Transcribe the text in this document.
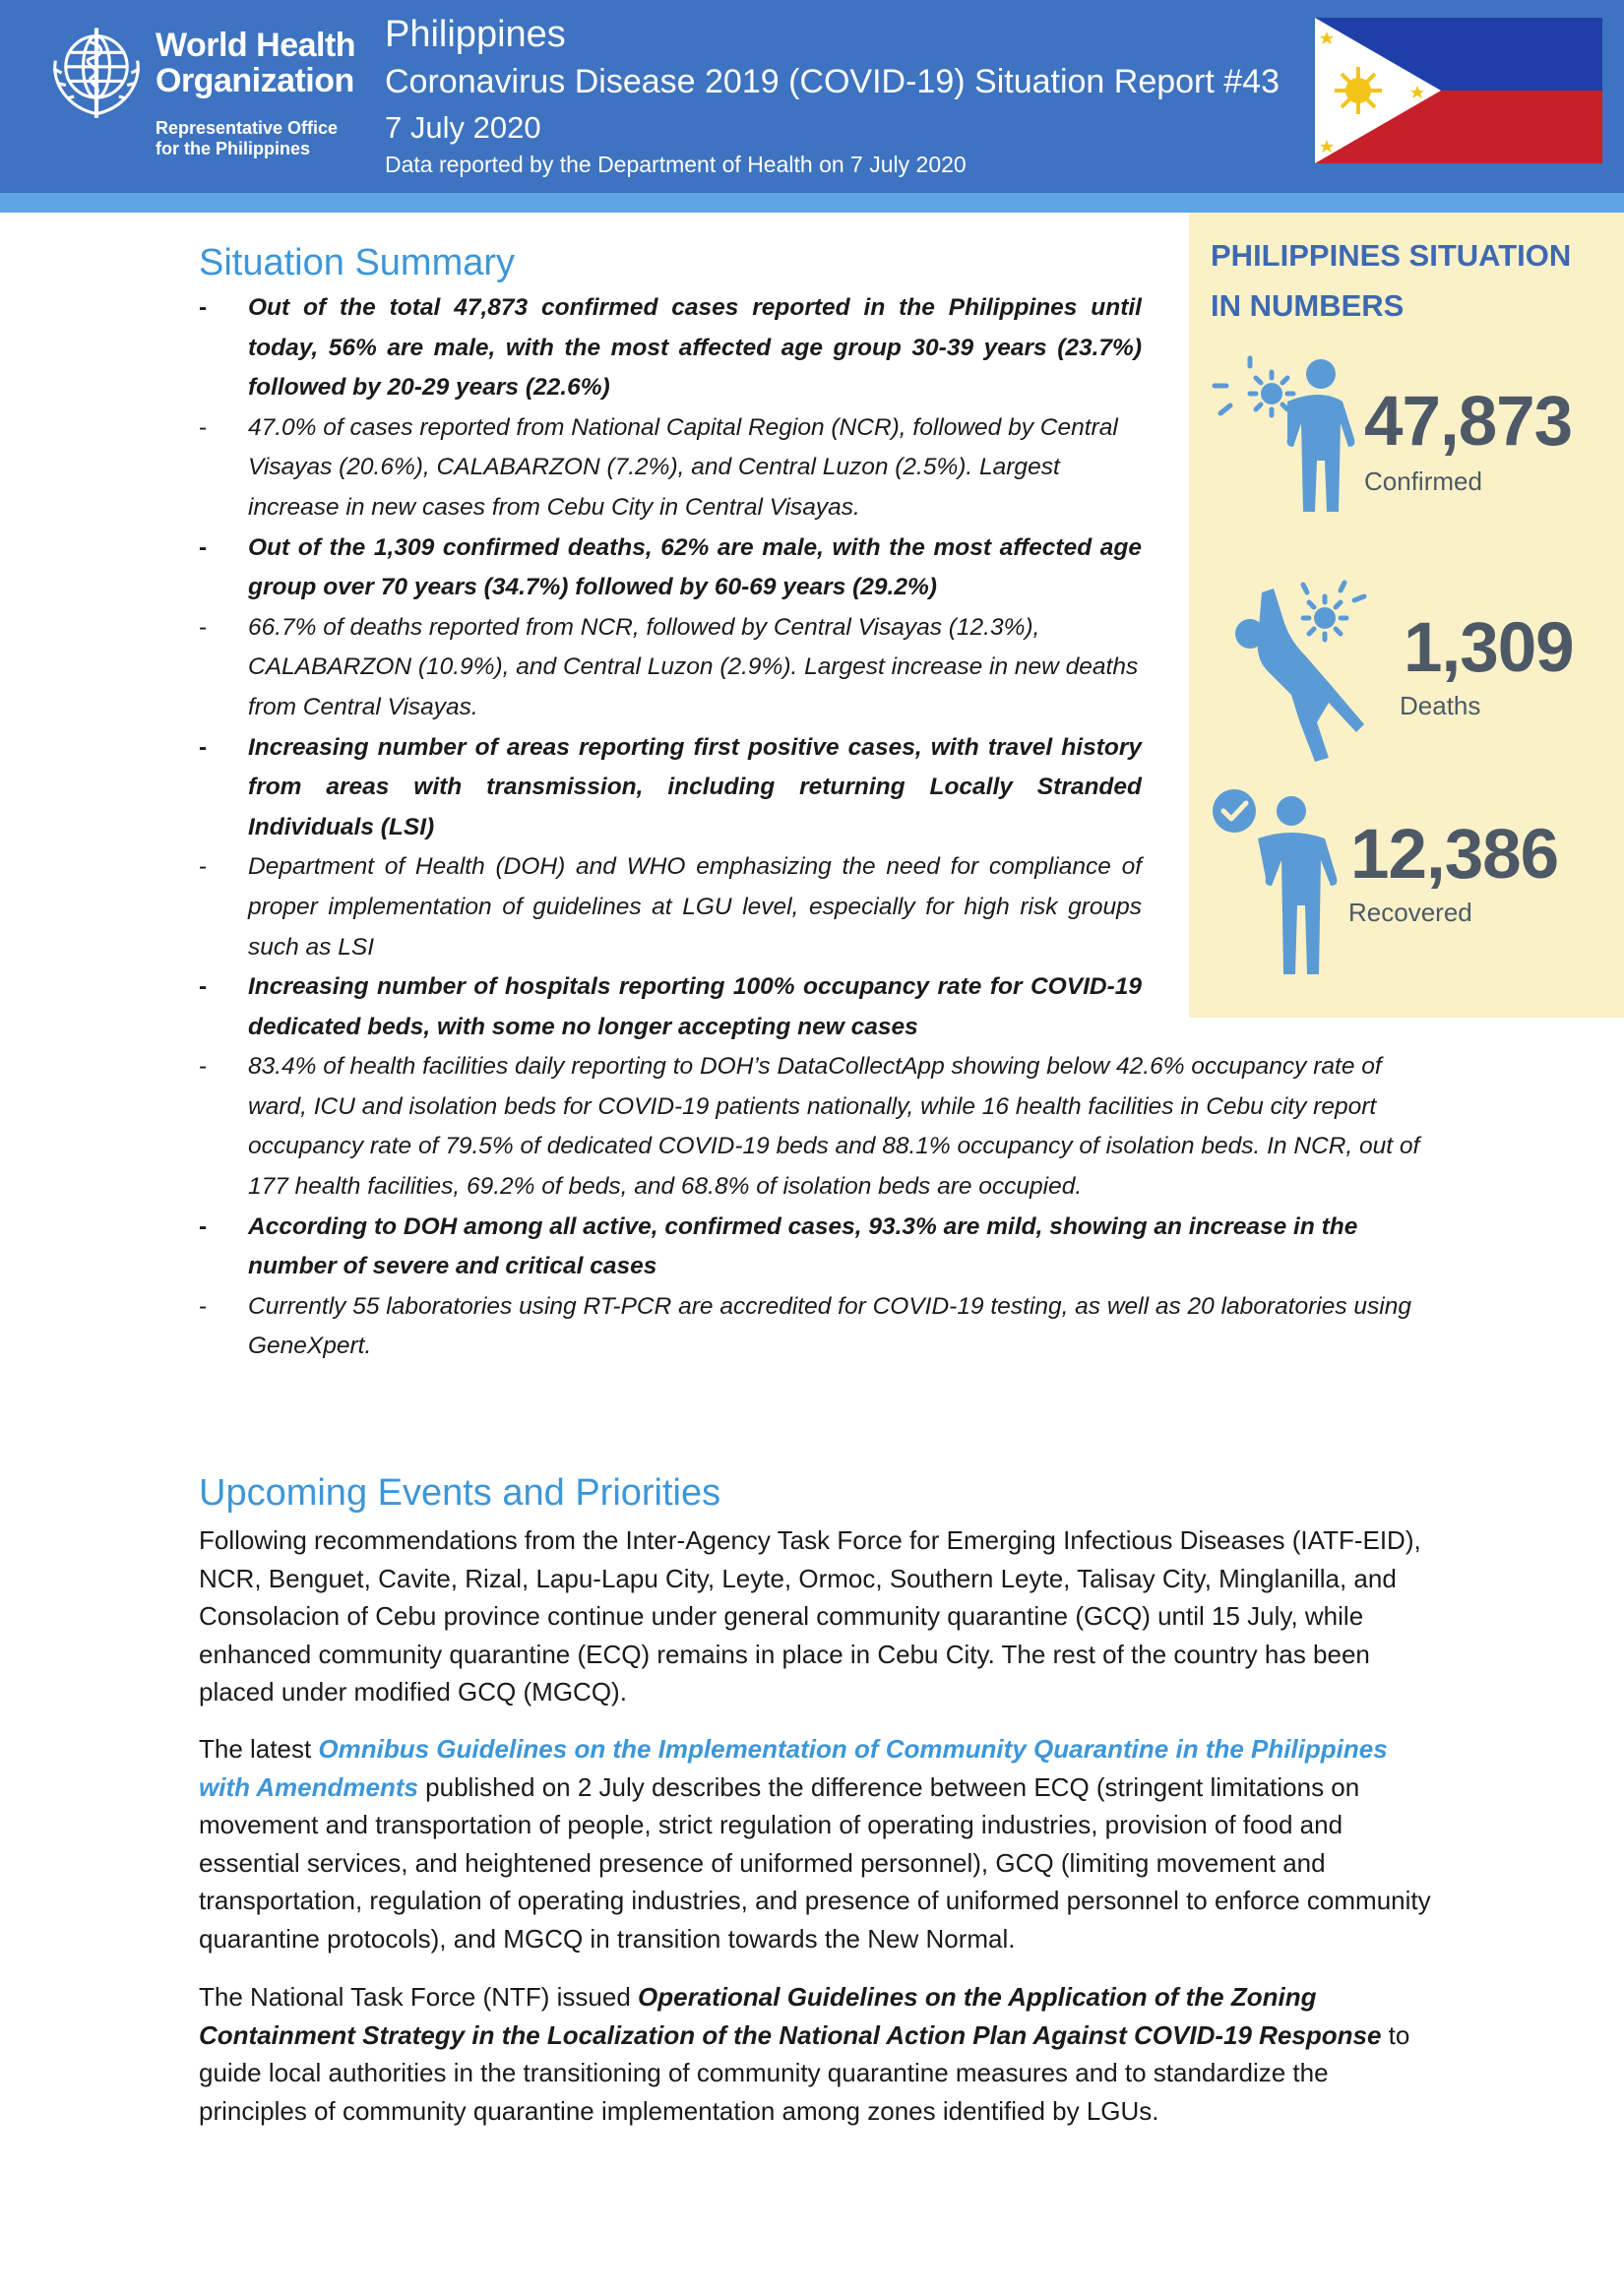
World Health
Organization
Representative Office
for the Philippines
Philippines
Coronavirus Disease 2019 (COVID-19) Situation Report #43
7 July 2020
Data reported by the Department of Health on 7 July 2020
Situation Summary
- Out of the total 47,873 confirmed cases reported in the Philippines until today, 56% are male, with the most affected age group 30-39 years (23.7%) followed by 20-29 years (22.6%)
- 47.0% of cases reported from National Capital Region (NCR), followed by Central Visayas (20.6%), CALABARZON (7.2%), and Central Luzon (2.5%). Largest increase in new cases from Cebu City in Central Visayas.
- Out of the 1,309 confirmed deaths, 62% are male, with the most affected age group over 70 years (34.7%) followed by 60-69 years (29.2%)
- 66.7% of deaths reported from NCR, followed by Central Visayas (12.3%), CALABARZON (10.9%), and Central Luzon (2.9%). Largest increase in new deaths from Central Visayas.
- Increasing number of areas reporting first positive cases, with travel history from areas with transmission, including returning Locally Stranded Individuals (LSI)
- Department of Health (DOH) and WHO emphasizing the need for compliance of proper implementation of guidelines at LGU level, especially for high risk groups such as LSI
- Increasing number of hospitals reporting 100% occupancy rate for COVID-19 dedicated beds, with some no longer accepting new cases
- 83.4% of health facilities daily reporting to DOH’s DataCollectApp showing below 42.6% occupancy rate of ward, ICU and isolation beds for COVID-19 patients nationally, while 16 health facilities in Cebu city report occupancy rate of 79.5% of dedicated COVID-19 beds and 88.1% occupancy of isolation beds. In NCR, out of 177 health facilities, 69.2% of beds, and 68.8% of isolation beds are occupied.
- According to DOH among all active, confirmed cases, 93.3% are mild, showing an increase in the number of severe and critical cases
- Currently 55 laboratories using RT-PCR are accredited for COVID-19 testing, as well as 20 laboratories using GeneXpert.
PHILIPPINES SITUATION
IN NUMBERS
47,873
Confirmed
1,309
Deaths
12,386
Recovered
Upcoming Events and Priorities

Following recommendations from the Inter-Agency Task Force for Emerging Infectious Diseases (IATF-EID), NCR, Benguet, Cavite, Rizal, Lapu-Lapu City, Leyte, Ormoc, Southern Leyte, Talisay City, Minglanilla, and Consolacion of Cebu province continue under general community quarantine (GCQ) until 15 July, while enhanced community quarantine (ECQ) remains in place in Cebu City. The rest of the country has been placed under modified GCQ (MGCQ).

The latest Omnibus Guidelines on the Implementation of Community Quarantine in the Philippines with Amendments published on 2 July describes the difference between ECQ (stringent limitations on movement and transportation of people, strict regulation of operating industries, provision of food and essential services, and heightened presence of uniformed personnel), GCQ (limiting movement and transportation, regulation of operating industries, and presence of uniformed personnel to enforce community quarantine protocols), and MGCQ in transition towards the New Normal.

The National Task Force (NTF) issued Operational Guidelines on the Application of the Zoning Containment Strategy in the Localization of the National Action Plan Against COVID-19 Response to guide local authorities in the transitioning of community quarantine measures and to standardize the principles of community quarantine implementation among zones identified by LGUs.
